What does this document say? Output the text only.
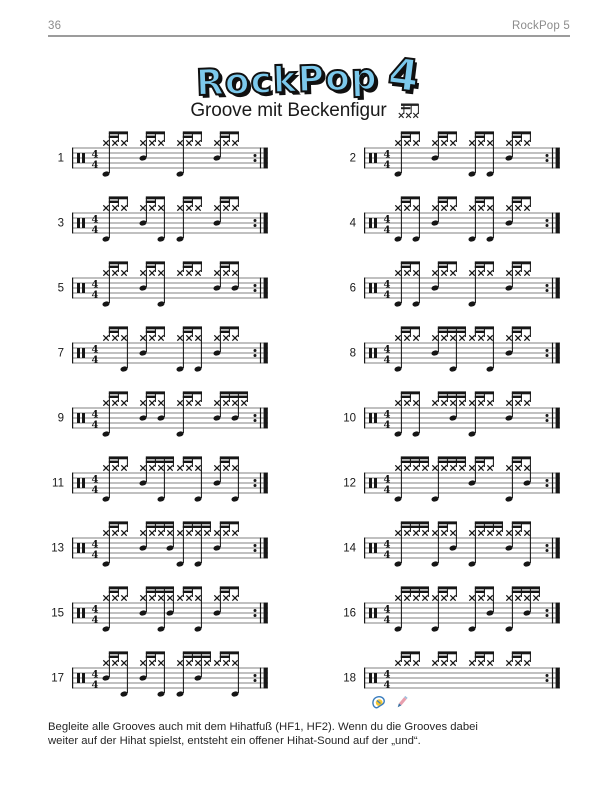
36	RockPop 5
RockPop 4
Groove mit Beckenfigur
4
4
1	4
4
2
4
4
3	4
4
4
4
4
5	4
4
6
4
4
7	4
4
8
4
4
9	4
4
10
4
4
11	4
4
12
4
4
13	4
4
14
4
4
15	4
4
16
4
4
17	4
4
18
Begleite alle Grooves auch mit dem Hihatfuß (HF1, HF2). Wenn du die Grooves dabei
weiter auf der Hihat spielst, entsteht ein offener Hihat-Sound auf der „und“.
